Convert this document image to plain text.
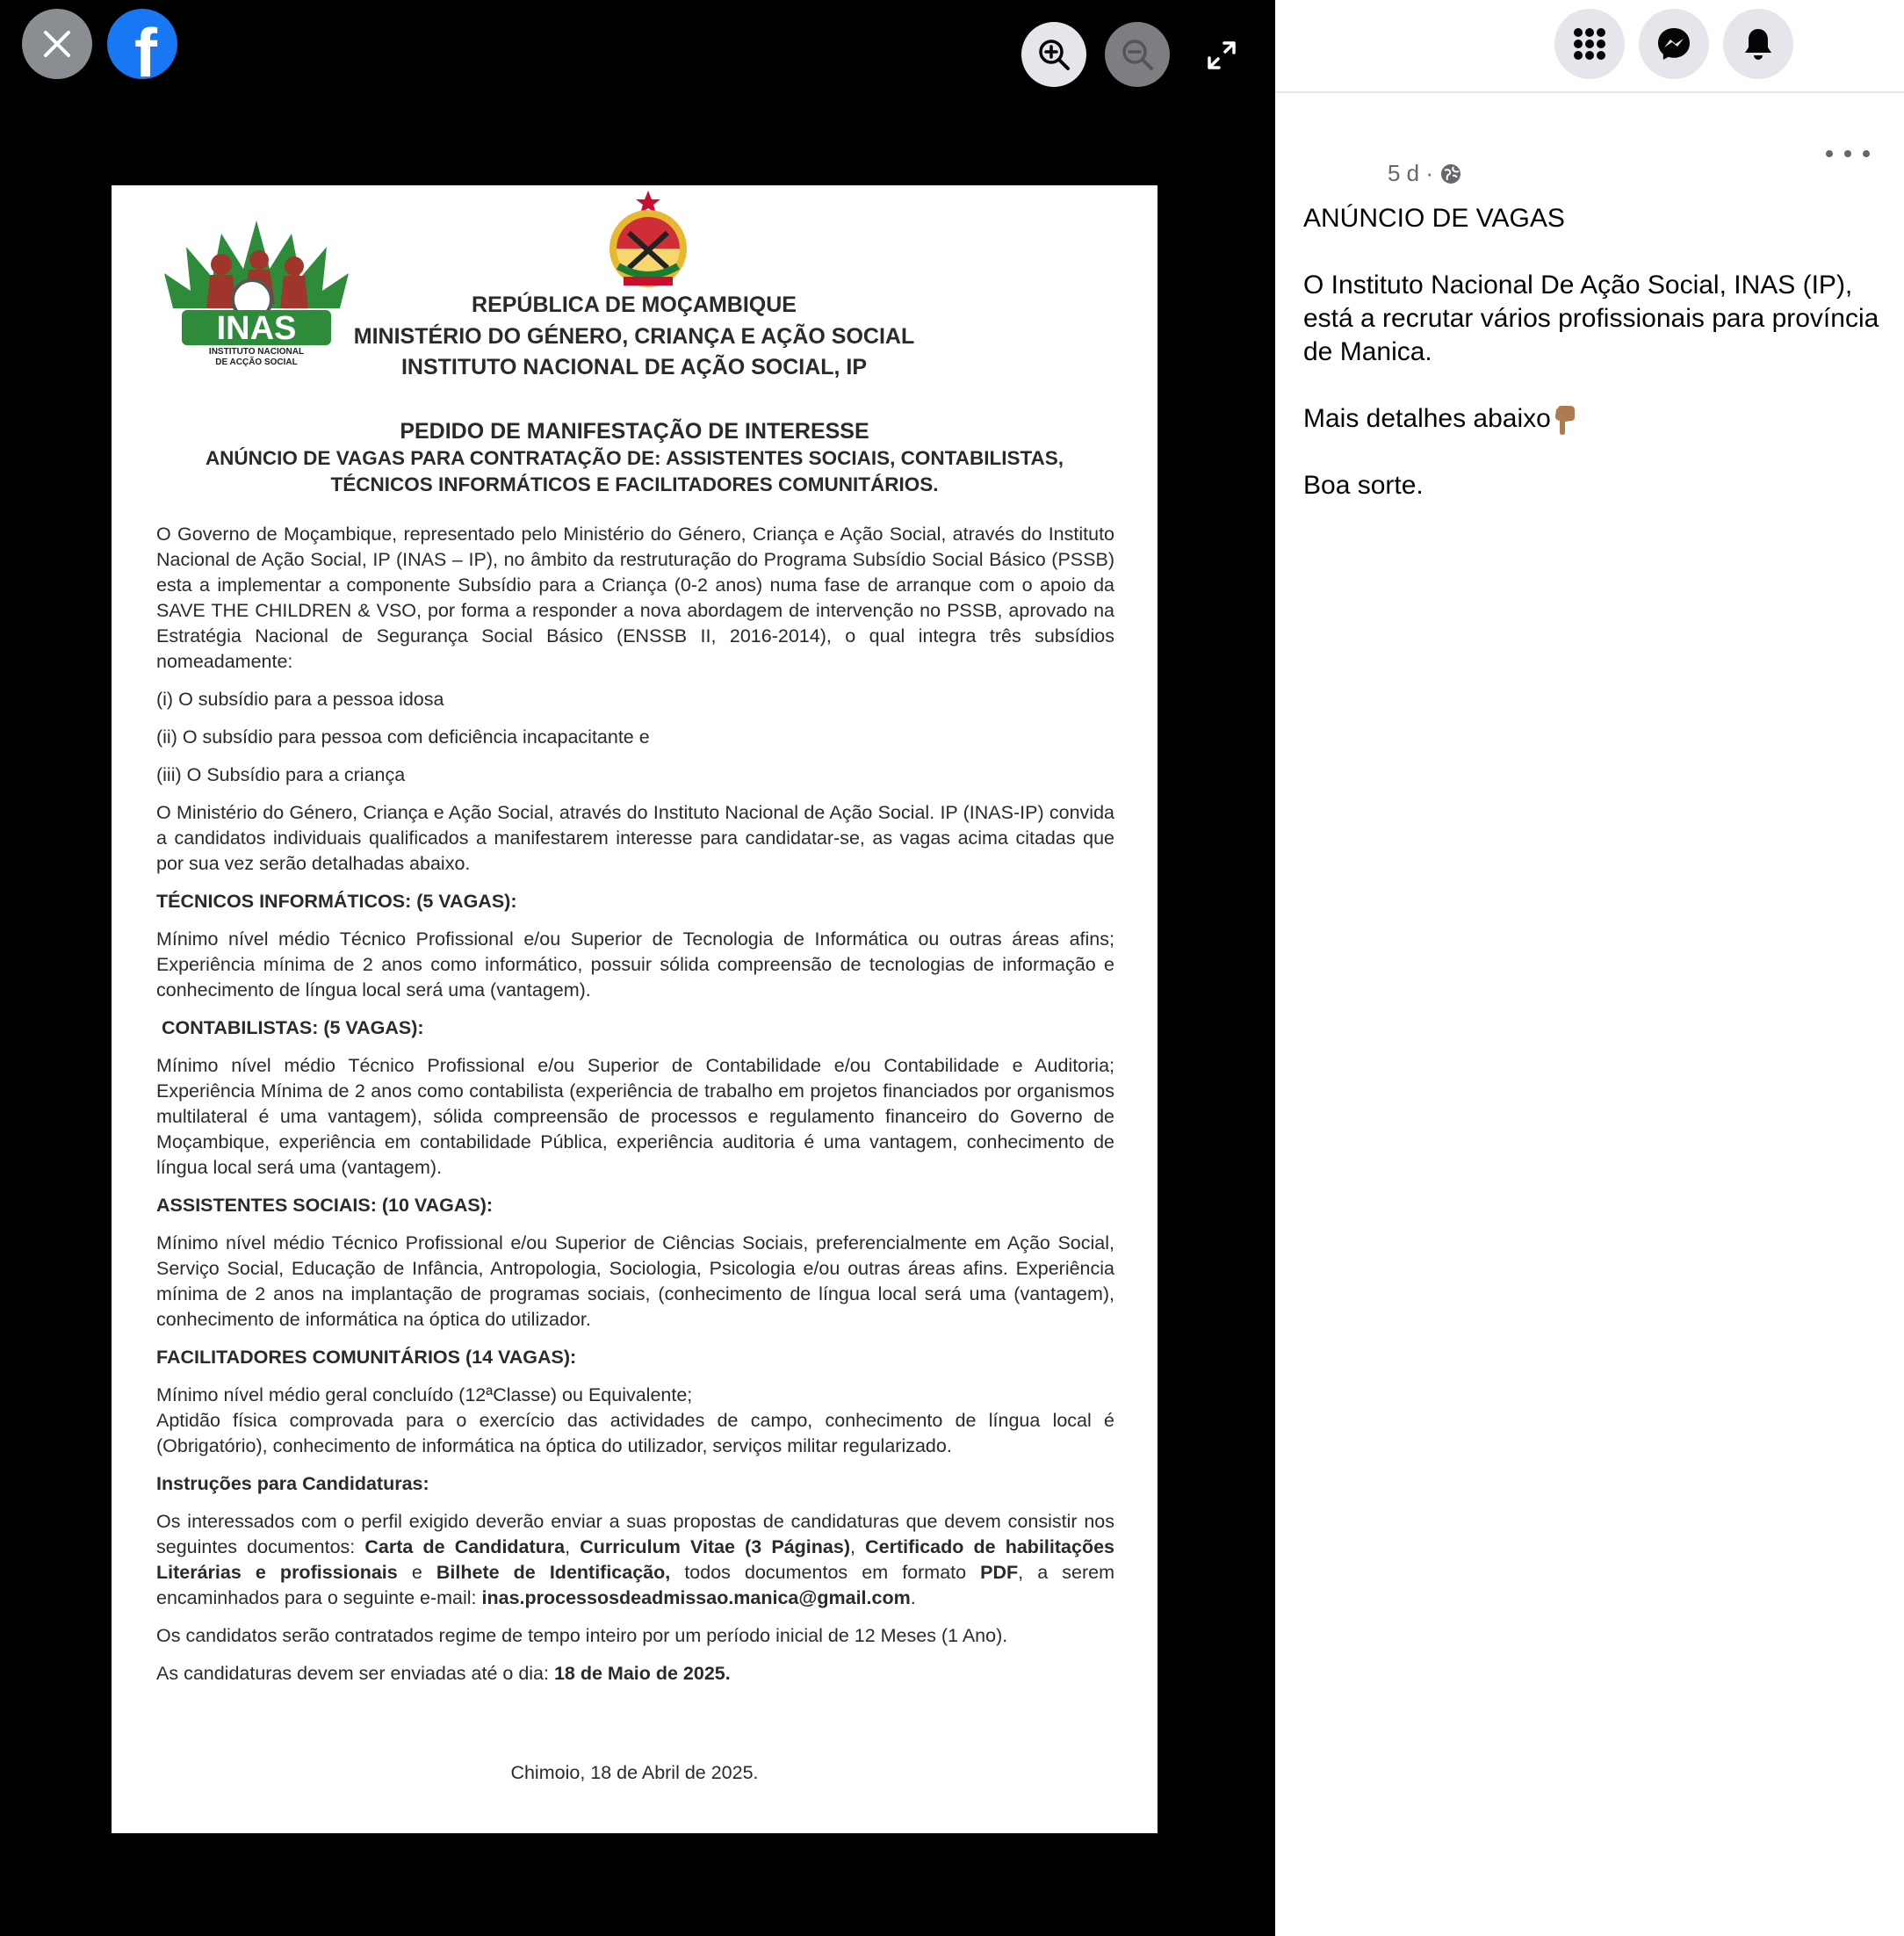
f
INAS
INSTITUTO NACIONAL
DE ACÇÃO SOCIAL
REPÚBLICA DE MOÇAMBIQUE
MINISTÉRIO DO GÉNERO, CRIANÇA E AÇÃO SOCIAL
INSTITUTO NACIONAL DE AÇÃO SOCIAL, IP
PEDIDO DE MANIFESTAÇÃO DE INTERESSE
ANÚNCIO DE VAGAS PARA CONTRATAÇÃO DE: ASSISTENTES SOCIAIS, CONTABILISTAS,
TÉCNICOS INFORMÁTICOS E FACILITADORES COMUNITÁRIOS.

O Governo de Moçambique, representado pelo Ministério do Género, Criança e Ação Social, através do Instituto Nacional de Ação Social, IP (INAS – IP), no âmbito da restruturação do Programa Subsídio Social Básico (PSSB) esta a implementar a componente Subsídio para a Criança (0-2 anos) numa fase de arranque com o apoio da SAVE THE CHILDREN & VSO, por forma a responder a nova abordagem de intervenção no PSSB, aprovado na Estratégia Nacional de Segurança Social Básico (ENSSB II, 2016-2014), o qual integra três subsídios nomeadamente:

(i) O subsídio para a pessoa idosa

(ii) O subsídio para pessoa com deficiência incapacitante e

(iii) O Subsídio para a criança

O Ministério do Género, Criança e Ação Social, através do Instituto Nacional de Ação Social. IP (INAS-IP) convida a candidatos individuais qualificados a manifestarem interesse para candidatar-se, as vagas acima citadas que por sua vez serão detalhadas abaixo.

TÉCNICOS INFORMÁTICOS: (5 VAGAS):

Mínimo nível médio Técnico Profissional e/ou Superior de Tecnologia de Informática ou outras áreas afins; Experiência mínima de 2 anos como informático, possuir sólida compreensão de tecnologias de informação e conhecimento de língua local será uma (vantagem).

CONTABILISTAS: (5 VAGAS):

Mínimo nível médio Técnico Profissional e/ou Superior de Contabilidade e/ou Contabilidade e Auditoria; Experiência Mínima de 2 anos como contabilista (experiência de trabalho em projetos financiados por organismos multilateral é uma vantagem), sólida compreensão de processos e regulamento financeiro do Governo de Moçambique, experiência em contabilidade Pública, experiência auditoria é uma vantagem, conhecimento de língua local será uma (vantagem).

ASSISTENTES SOCIAIS: (10 VAGAS):

Mínimo nível médio Técnico Profissional e/ou Superior de Ciências Sociais, preferencialmente em Ação Social, Serviço Social, Educação de Infância, Antropologia, Sociologia, Psicologia e/ou outras áreas afins. Experiência mínima de 2 anos na implantação de programas sociais, (conhecimento de língua local será uma (vantagem), conhecimento de informática na óptica do utilizador.

FACILITADORES COMUNITÁRIOS (14 VAGAS):

Mínimo nível médio geral concluído (12ªClasse) ou Equivalente;

Aptidão física comprovada para o exercício das actividades de campo, conhecimento de língua local é (Obrigatório), conhecimento de informática na óptica do utilizador, serviços militar regularizado.

Instruções para Candidaturas:

Os interessados com o perfil exigido deverão enviar a suas propostas de candidaturas que devem consistir nos seguintes documentos: Carta de Candidatura, Curriculum Vitae (3 Páginas), Certificado de habilitações Literárias e profissionais e Bilhete de Identificação, todos documentos em formato PDF, a serem encaminhados para o seguinte e-mail: inas.processosdeadmissao.manica@gmail.com.

Os candidatos serão contratados regime de tempo inteiro por um período inicial de 12 Meses (1 Ano).

As candidaturas devem ser enviadas até o dia: 18 de Maio de 2025.

Chimoio, 18 de Abril de 2025.
5 d ·

ANÚNCIO DE VAGAS

O Instituto Nacional De Ação Social, INAS (IP), está a recrutar vários profissionais para província de Manica.

Mais detalhes abaixo

Boa sorte.
